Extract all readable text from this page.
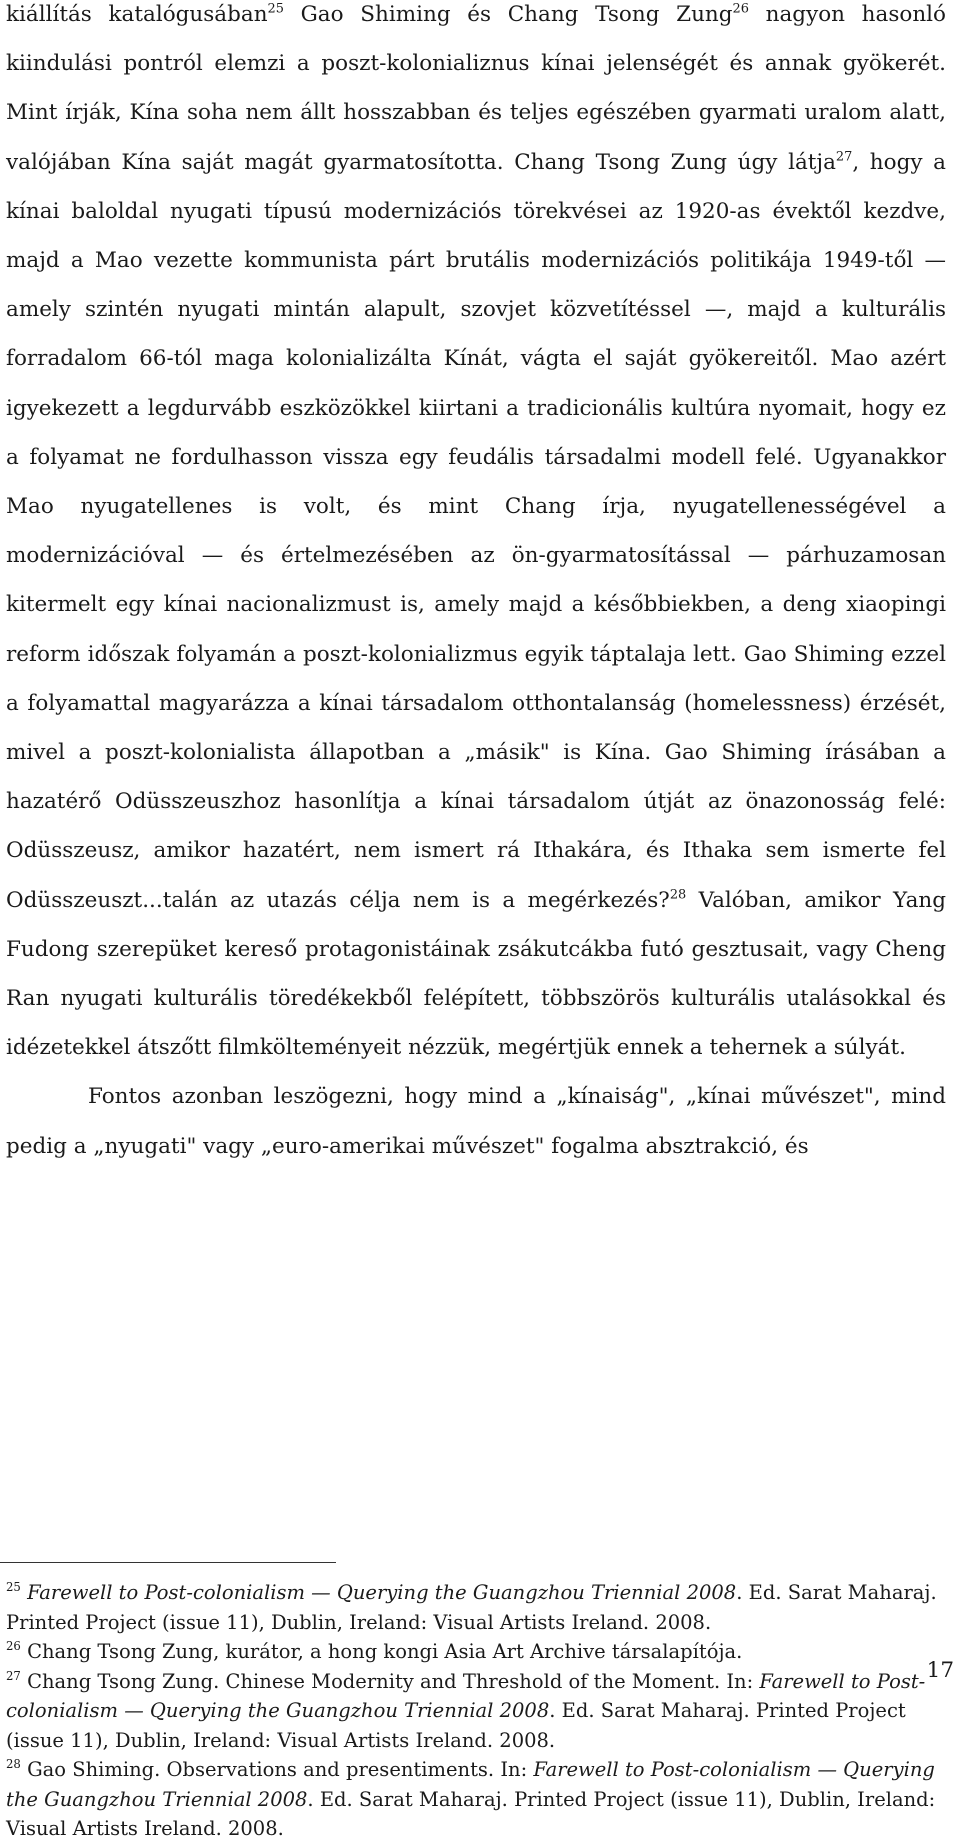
kiállítás katalógusában$^{25}$ Gao Shiming és Chang Tsong Zung$^{26}$ nagyon hasonló kiindulási pontról elemzi a poszt-kolonializnus kínai jelenségét és annak gyökerét. Mint írják, Kína soha nem állt hosszabban és teljes egészében gyarmati uralom alatt, valójában Kína saját magát gyarmatosította. Chang Tsong Zung úgy látja$^{27}$, hogy a kínai baloldal nyugati típusú modernizációs törekvései az 1920-as évektől kezdve, majd a Mao vezette kommunista párt brutális modernizációs politikája 1949-től — amely szintén nyugati mintán alapult, szovjet közvetítéssel —, majd a kulturális forradalom 66-tól maga kolonializálta Kínát, vágta el saját gyökereitől. Mao azért igyekezett a legdurvább eszközökkel kiirtani a tradicionális kultúra nyomait, hogy ez a folyamat ne fordulhasson vissza egy feudális társadalmi modell felé. Ugyanakkor Mao nyugatellenes is volt, és mint Chang írja, nyugatellenességével a modernizációval — és értelmezésében az ön-gyarmatosítással — párhuzamosan kitermelt egy kínai nacionalizmust is, amely majd a későbbiekben, a deng xiaopingi reform időszak folyamán a poszt-kolonializmus egyik táptalaja lett. Gao Shiming ezzel a folyamattal magyarázza a kínai társadalom otthontalanság (homelessness) érzését, mivel a poszt-kolonialista állapotban a „másik" is Kína. Gao Shiming írásában a hazatérő Odüsszeuszhoz hasonlítja a kínai társadalom útját az önazonosság felé: Odüsszeusz, amikor hazatért, nem ismert rá Ithakára, és Ithaka sem ismerte fel Odüsszeuszt...talán az utazás célja nem is a megérkezés?$^{28}$ Valóban, amikor Yang Fudong szerepüket kereső protagonistáinak zsákutcákba futó gesztusait, vagy Cheng Ran nyugati kulturális töredékekből felépített, többszörös kulturális utalásokkal és idézetekkel átszőtt filmkölteményeit nézzük, megértjük ennek a tehernek a súlyát.

Fontos azonban leszögezni, hogy mind a „kínaiság", „kínai művészet", mind pedig a „nyugati" vagy „euro-amerikai művészet" fogalma absztrakció, és

$^{25}$ Farewell to Post-colonialism — Querying the Guangzhou Triennial 2008. Ed. Sarat Maharaj. Printed Project (issue 11), Dublin, Ireland: Visual Artists Ireland. 2008.
$^{26}$ Chang Tsong Zung, kurátor, a hong kongi Asia Art Archive társalapítója.
$^{27}$ Chang Tsong Zung. Chinese Modernity and Threshold of the Moment. In: Farewell to Post-colonialism — Querying the Guangzhou Triennial 2008. Ed. Sarat Maharaj. Printed Project (issue 11), Dublin, Ireland: Visual Artists Ireland. 2008.
$^{28}$ Gao Shiming. Observations and presentiments. In: Farewell to Post-colonialism — Querying the Guangzhou Triennial 2008. Ed. Sarat Maharaj. Printed Project (issue 11), Dublin, Ireland: Visual Artists Ireland. 2008.
17
